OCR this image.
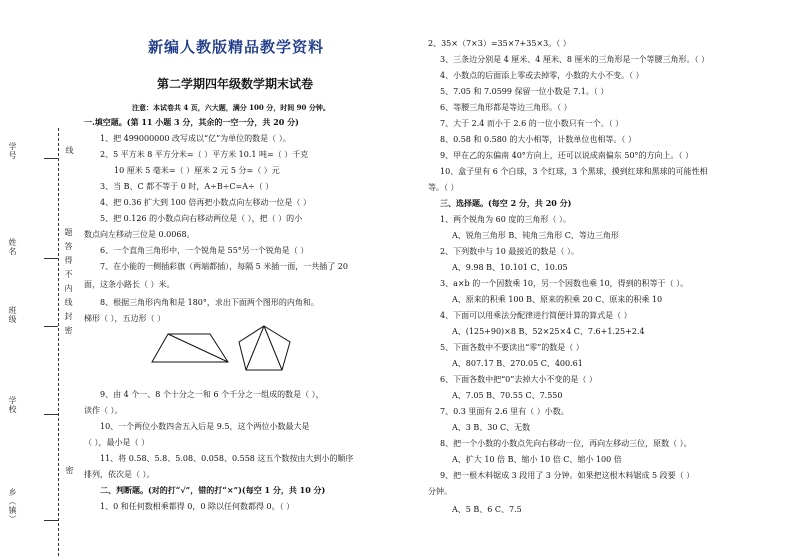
学号
姓名
班级
学校
乡（镇）
线
题答得不内线封密
密
新编人教版精品教学资料
第二学期四年级数学期末试卷
注意：本试卷共 4 页，六大题，满分 100 分，时间 90 分钟。
一.填空题。(第 11 小题 3 分，其余的一空一分，共 20 分)
1、把 499000000 改写成以“亿”为单位的数是（ ）。
2、5 平方米 8 平方分米=（ ）平方米 10.1 吨=（ ）千克
10 厘米 5 毫米=（ ）厘米 2 元 5 分=（ ）元
3、当 B、C 都不等于 0 时，A÷B÷C=A÷（ ）
4、把 0.36 扩大到 100 倍再把小数点向左移动一位是（ ）
5、把 0.126 的小数点向右移动两位是（ ），把（ ）的小
数点向左移动三位是 0.0068。
6、一个直角三角形中，一个锐角是 55°另一个锐角是（ ）
7、在小能的一侧插彩旗（两端都插），每隔 5 米插一面，一共插了 20
面，这条小路长（ ）米。
8、根据三角形内角和是 180°，求出下面两个图形的内角和。
梯形（ ），五边形（ ）
9、由 4 个一、8 个十分之一和 6 个千分之一组成的数是（ ），
读作（ ）。
10、一个两位小数四舍五入后是 9.5，这个两位小数最大是
（ ），最小是（ ）
11、将 0.58、5.8、5.08、0.058、0.558 这五个数按由大到小的顺序
排列，依次是（ ）。
二、判断题。(对的打“√”，错的打“×”)(每空 1 分，共 10 分)
1、0 和任何数相乘都得 0，0 除以任何数都得 0。（ ）
2、35×（7×3）=35×7+35×3。（ ）
3、三条边分别是 4 厘米、4 厘米、8 厘米的三角形是一个等腰三角形。（ ）
4、小数点的后面添上零或去掉零，小数的大小不变。（ ）
5、7.05 和 7.0599 保留一位小数是 7.1。（ ）
6、等腰三角形都是等边三角形。（ ）
7、大于 2.4 而小于 2.6 的一位小数只有一个。（ ）
8、0.58 和 0.580 的大小相等，计数单位也相等。（ ）
9、甲在乙的东偏南 40°方向上，还可以说成南偏东 50°的方向上。（ ）
10、盒子里有 6 个白球，3 个红球，3 个黑球，摸到红球和黑球的可能性相
等。（ ）
三、选择题。(每空 2 分，共 20 分)
1、两个锐角为 60 度的三角形（ ）。
A、锐角三角形 B、钝角三角形 C、等边三角形
2、下列数中与 10 最接近的数是（ ）。
A、9.98 B、10.101 C、10.05
3、a×b 的一个因数乘 10，另一个因数也乘 10，得到的积等于（ ）。
A、原来的积乘 100 B、原来的积乘 20 C、原来的积乘 10
4、下面可以用乘法分配律进行简便计算的算式是（ ）
A、(125+90)×8 B、52×25×4 C、7.6+1.25+2.4
5、下面各数中不要读出“零”的数是（ ）
A、807.17 B、270.05 C、400.61
6、下面各数中把“0”去掉大小不变的是（ ）
A、7.05 B、70.55 C、7.550
7、0.3 里面有 2.6 里有（ ）小数。
A、3 B、30 C、无数
8、把一个小数的小数点先向右移动一位，再向左移动三位，原数（ ）。
A、扩大 10 倍 B、缩小 10 倍 C、缩小 100 倍
9、把一根木料锯成 3 段用了 3 分钟。如果把这根木料锯成 5 段要（ ）
分钟。
A、5 B、6 C、7.5
